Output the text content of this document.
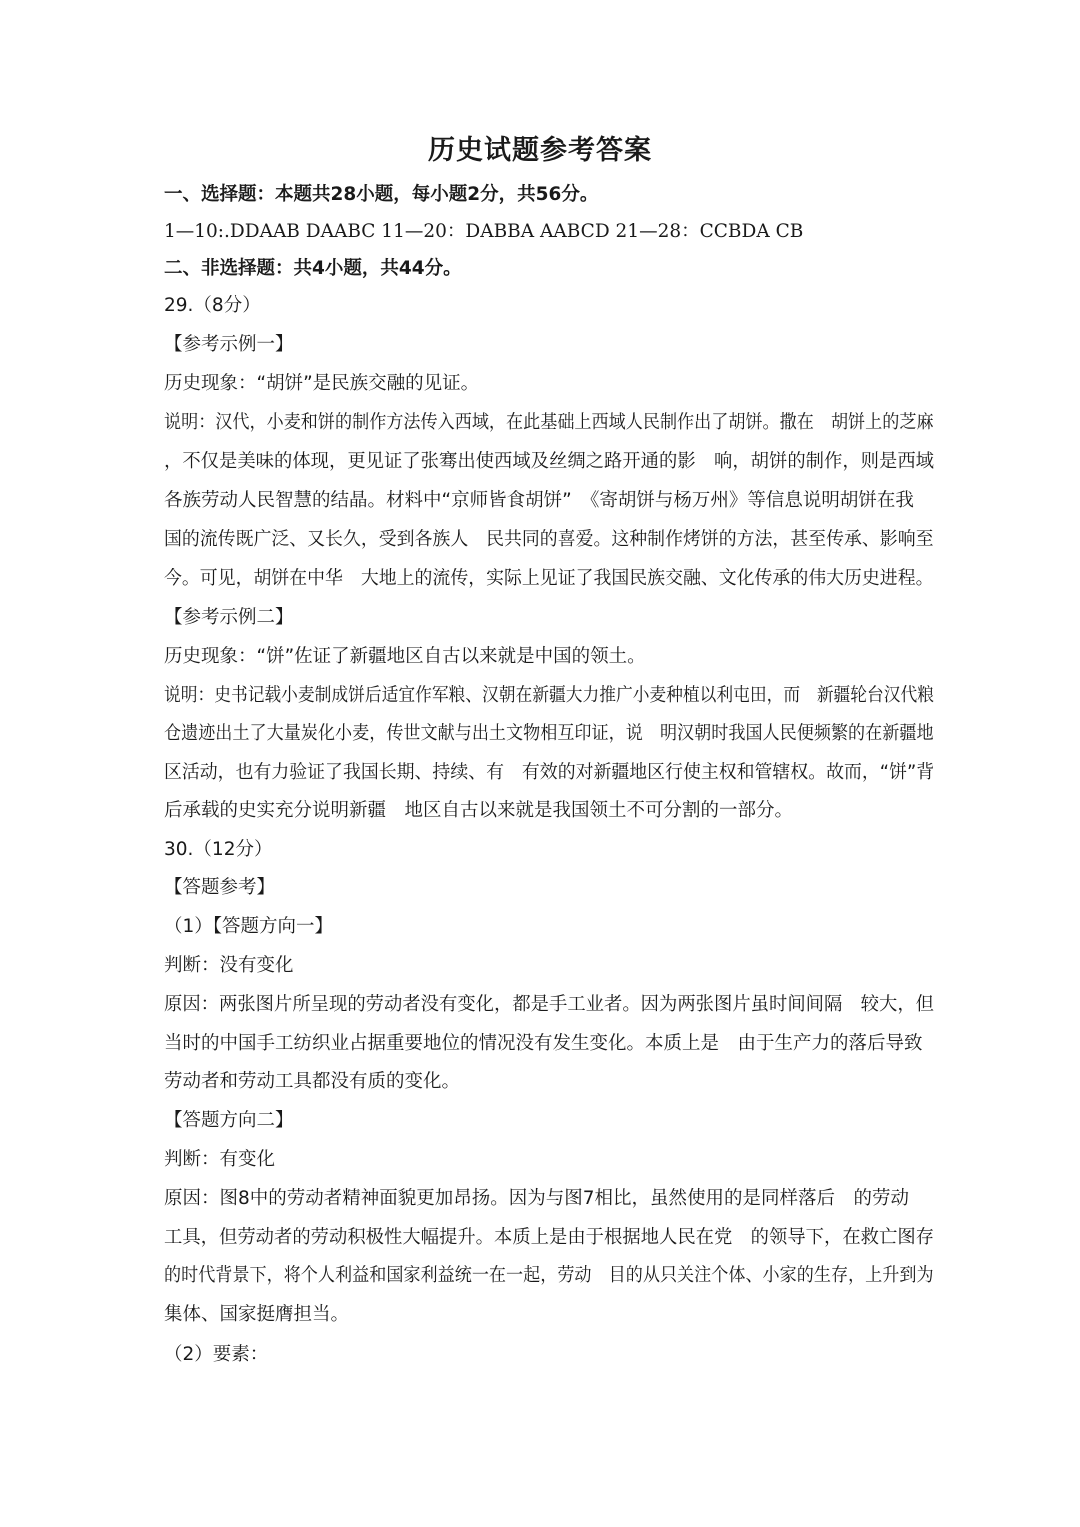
历史试题参考答案
一、选择题：本题共28小题，每小题2分，共56分。
1—10:.DDAAB DAABC 11—20：DABBA AABCD 21—28：CCBDA CB
二、非选择题：共4小题，共44分。
29.（8分）
【参考示例一】
历史现象：“胡饼”是民族交融的见证。
说明：汉代，小麦和饼的制作方法传入西域，在此基础上西域人民制作出了胡饼。撒在　胡饼上的芝麻
，不仅是美味的体现，更见证了张骞出使西域及丝绸之路开通的影　响，胡饼的制作，则是西域
各族劳动人民智慧的结晶。材料中“京师皆食胡饼”　《寄胡饼与杨万州》等信息说明胡饼在我
国的流传既广泛、又长久，受到各族人　民共同的喜爱。这种制作烤饼的方法，甚至传承、影响至
今。可见，胡饼在中华　大地上的流传，实际上见证了我国民族交融、文化传承的伟大历史进程。
【参考示例二】
历史现象：“饼”佐证了新疆地区自古以来就是中国的领土。
说明：史书记载小麦制成饼后适宜作军粮、汉朝在新疆大力推广小麦种植以利屯田，而　新疆轮台汉代粮
仓遗迹出土了大量炭化小麦，传世文献与出土文物相互印证，说　明汉朝时我国人民便频繁的在新疆地
区活动，也有力验证了我国长期、持续、有　有效的对新疆地区行使主权和管辖权。故而，“饼”背
后承载的史实充分说明新疆　地区自古以来就是我国领土不可分割的一部分。
30.（12分）
【答题参考】
（1）【答题方向一】
判断：没有变化
原因：两张图片所呈现的劳动者没有变化，都是手工业者。因为两张图片虽时间间隔　较大，但
当时的中国手工纺织业占据重要地位的情况没有发生变化。本质上是　由于生产力的落后导致
劳动者和劳动工具都没有质的变化。
【答题方向二】
判断：有变化
原因：图8中的劳动者精神面貌更加昂扬。因为与图7相比，虽然使用的是同样落后　的劳动
工具，但劳动者的劳动积极性大幅提升。本质上是由于根据地人民在党　的领导下，在救亡图存
的时代背景下，将个人利益和国家利益统一在一起，劳动　目的从只关注个体、小家的生存，上升到为
集体、国家挺膺担当。
（2）要素：
